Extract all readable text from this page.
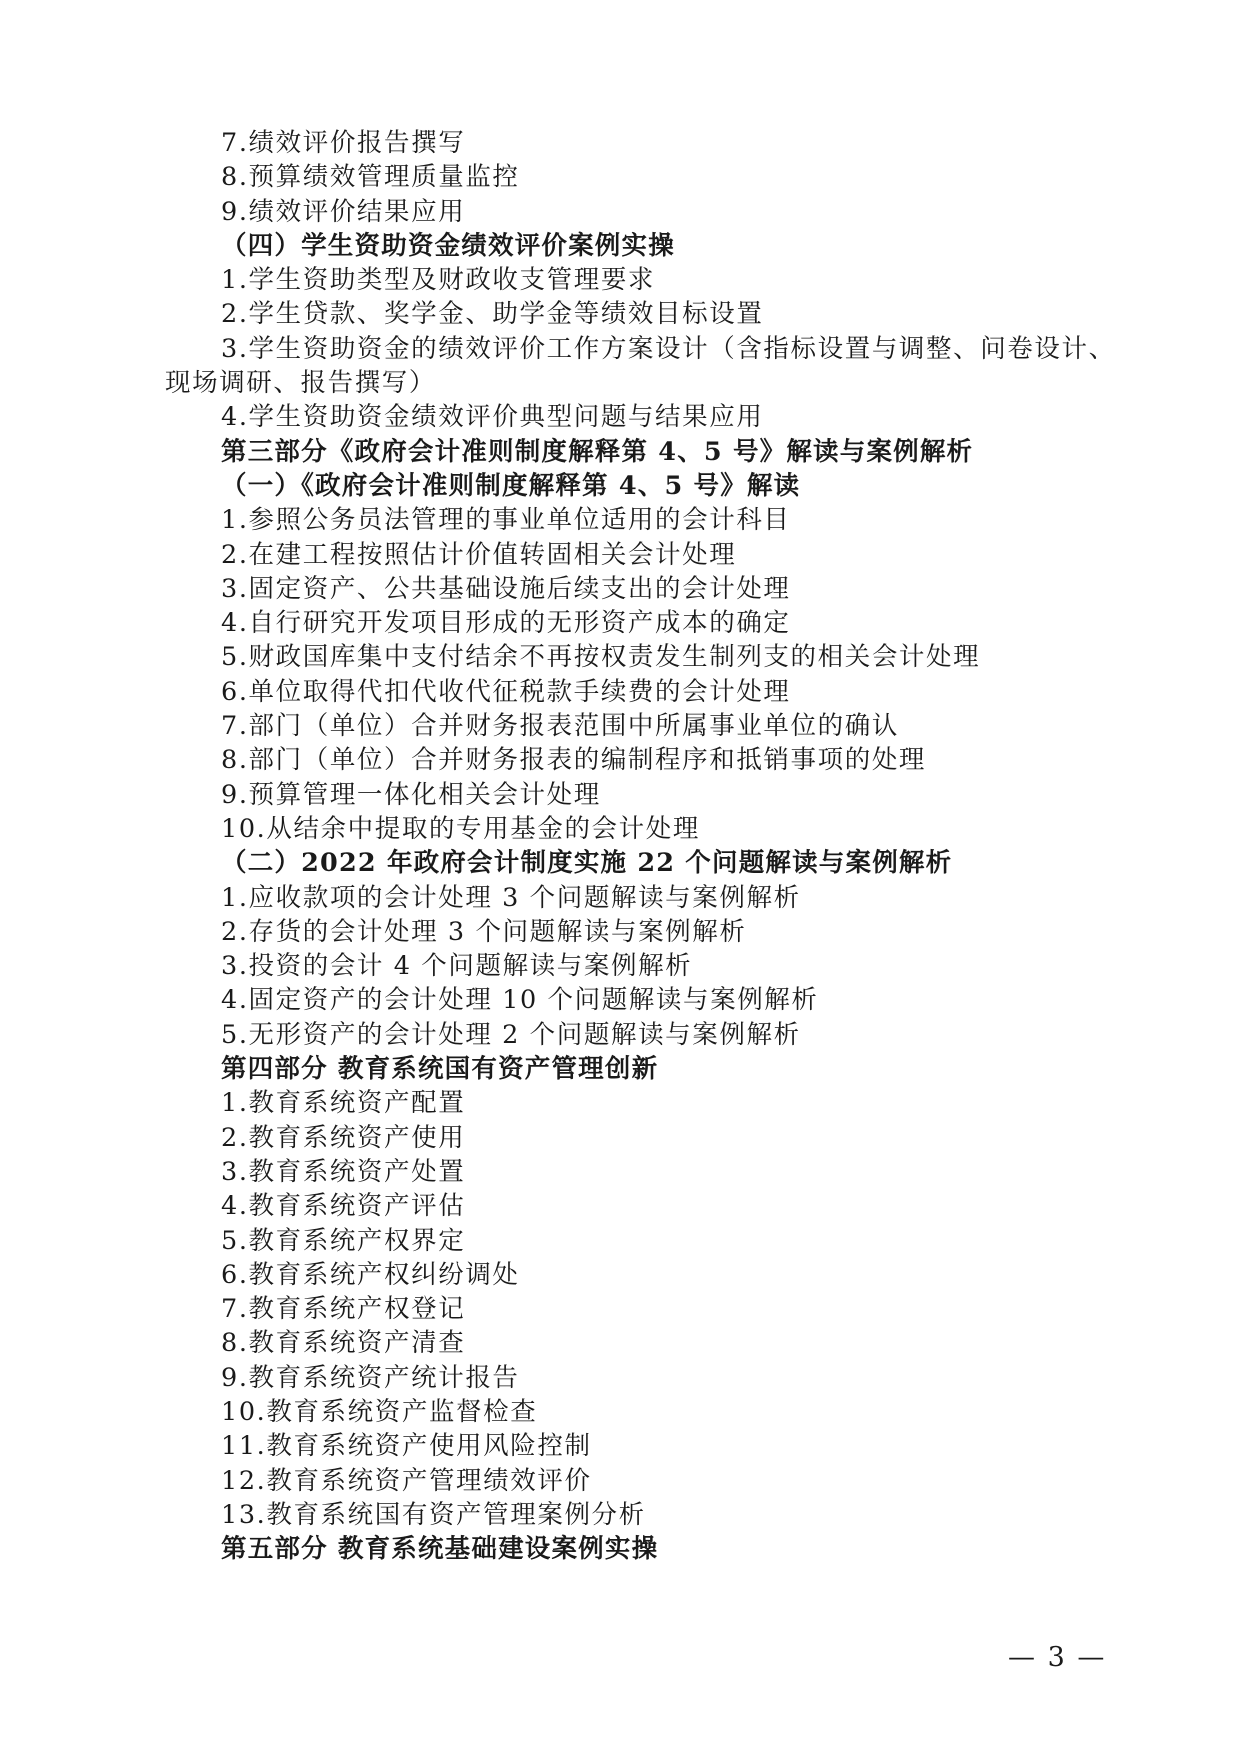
7.绩效评价报告撰写
8.预算绩效管理质量监控
9.绩效评价结果应用
（四）学生资助资金绩效评价案例实操
1.学生资助类型及财政收支管理要求
2.学生贷款、奖学金、助学金等绩效目标设置
3.学生资助资金的绩效评价工作方案设计（含指标设置与调整、问卷设计、
现场调研、报告撰写）
4.学生资助资金绩效评价典型问题与结果应用
第三部分《政府会计准则制度解释第 4、5 号》解读与案例解析
（一）《政府会计准则制度解释第 4、5 号》解读
1.参照公务员法管理的事业单位适用的会计科目
2.在建工程按照估计价值转固相关会计处理
3.固定资产、公共基础设施后续支出的会计处理
4.自行研究开发项目形成的无形资产成本的确定
5.财政国库集中支付结余不再按权责发生制列支的相关会计处理
6.单位取得代扣代收代征税款手续费的会计处理
7.部门（单位）合并财务报表范围中所属事业单位的确认
8.部门（单位）合并财务报表的编制程序和抵销事项的处理
9.预算管理一体化相关会计处理
10.从结余中提取的专用基金的会计处理
（二）2022 年政府会计制度实施 22 个问题解读与案例解析
1.应收款项的会计处理 3 个问题解读与案例解析
2.存货的会计处理 3 个问题解读与案例解析
3.投资的会计 4 个问题解读与案例解析
4.固定资产的会计处理 10 个问题解读与案例解析
5.无形资产的会计处理 2 个问题解读与案例解析
第四部分 教育系统国有资产管理创新
1.教育系统资产配置
2.教育系统资产使用
3.教育系统资产处置
4.教育系统资产评估
5.教育系统产权界定
6.教育系统产权纠纷调处
7.教育系统产权登记
8.教育系统资产清查
9.教育系统资产统计报告
10.教育系统资产监督检查
11.教育系统资产使用风险控制
12.教育系统资产管理绩效评价
13.教育系统国有资产管理案例分析
第五部分 教育系统基础建设案例实操
— 3 —
